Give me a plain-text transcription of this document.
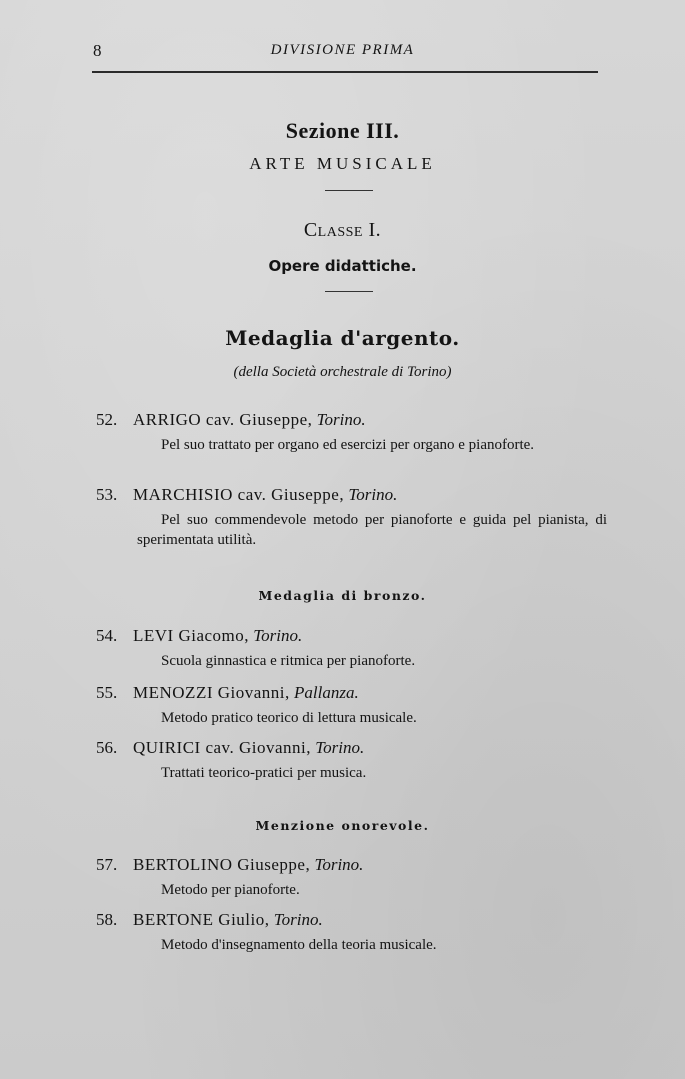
8	DIVISIONE PRIMA
Sezione III.
ARTE MUSICALE
Classe I.
Opere didattiche.
Medaglia d'argento.
(della Società orchestrale di Torino)
52. ARRIGO cav. Giuseppe, Torino.
Pel suo trattato per organo ed esercizi per organo e pianoforte.
53. MARCHISIO cav. Giuseppe, Torino.
Pel suo commendevole metodo per pianoforte e guida pel pianista, di sperimentata utilità.
Medaglia di bronzo.
54. LEVI Giacomo, Torino.
Scuola ginnastica e ritmica per pianoforte.
55. MENOZZI Giovanni, Pallanza.
Metodo pratico teorico di lettura musicale.
56. QUIRICI cav. Giovanni, Torino.
Trattati teorico-pratici per musica.
Menzione onorevole.
57. BERTOLINO Giuseppe, Torino.
Metodo per pianoforte.
58. BERTONE Giulio, Torino.
Metodo d'insegnamento della teoria musicale.
